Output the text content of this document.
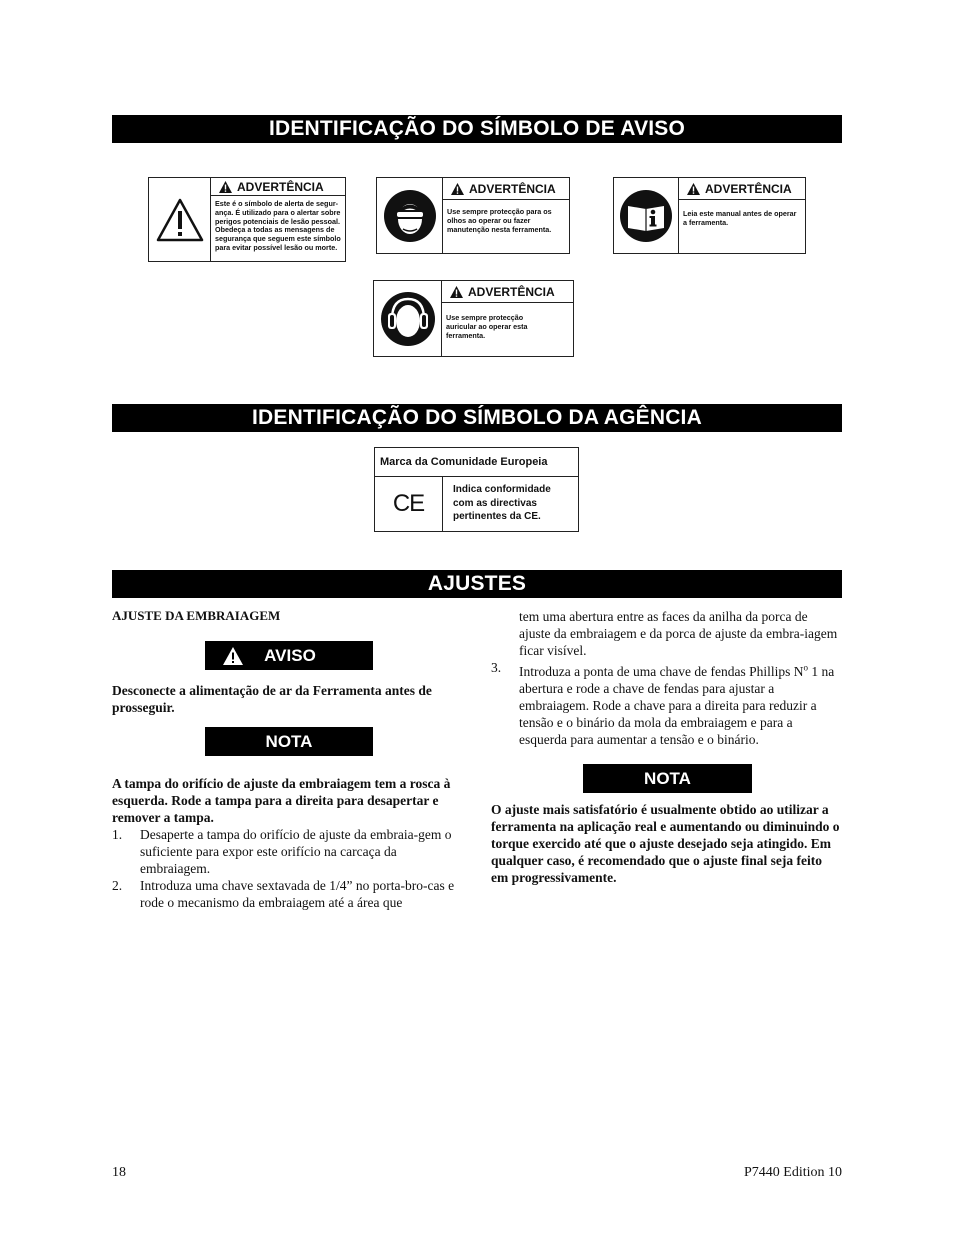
IDENTIFICAÇÃO DO SÍMBOLO DE AVISO
ADVERTÊNCIA
Este é o símbolo de alerta de segur-ança. É utilizado para o alertar sobre perigos potenciais de lesão pessoal. Obedeça a todas as mensagens de segurança que seguem este símbolo para evitar possível lesão ou morte.
ADVERTÊNCIA
Use sempre protecção para os olhos ao operar ou fazer manutenção nesta ferramenta.
ADVERTÊNCIA
Leia este manual antes de operar a ferramenta.
ADVERTÊNCIA
Use sempre protecção auricular ao operar esta ferramenta.
IDENTIFICAÇÃO DO SÍMBOLO DA AGÊNCIA
Marca da Comunidade Europeia
CE
Indica conformidade com as directivas pertinentes da CE.
AJUSTES
AJUSTE DA EMBRAIAGEM
AVISO
Desconecte a alimentação de ar da Ferramenta antes de prosseguir.
NOTA
A tampa do orifício de ajuste da embraiagem tem a rosca à esquerda. Rode a tampa para a direita para desapertar e remover a tampa.
1. Desaperte a tampa do orifício de ajuste da embraia-gem o suficiente para expor este orifício na carcaça da embraiagem.
2. Introduza uma chave sextavada de 1/4” no porta-bro-cas e rode o mecanismo da embraiagem até a área que
tem uma abertura entre as faces da anilha da porca de ajuste da embraiagem e da porca de ajuste da embra-iagem ficar visível.
3. Introduza a ponta de uma chave de fendas Phillips $N^o$ 1 na abertura e rode a chave de fendas para ajustar a embraiagem. Rode a chave para a direita para reduzir a tensão e o binário da mola da embraiagem e para a esquerda para aumentar a tensão e o binário.
NOTA
O ajuste mais satisfatório é usualmente obtido ao utilizar a ferramenta na aplicação real e aumentando ou diminuindo o torque exercido até que o ajuste desejado seja atingido. Em qualquer caso, é recomendado que o ajuste final seja feito em progressivamente.
18	P7440 Edition 10
